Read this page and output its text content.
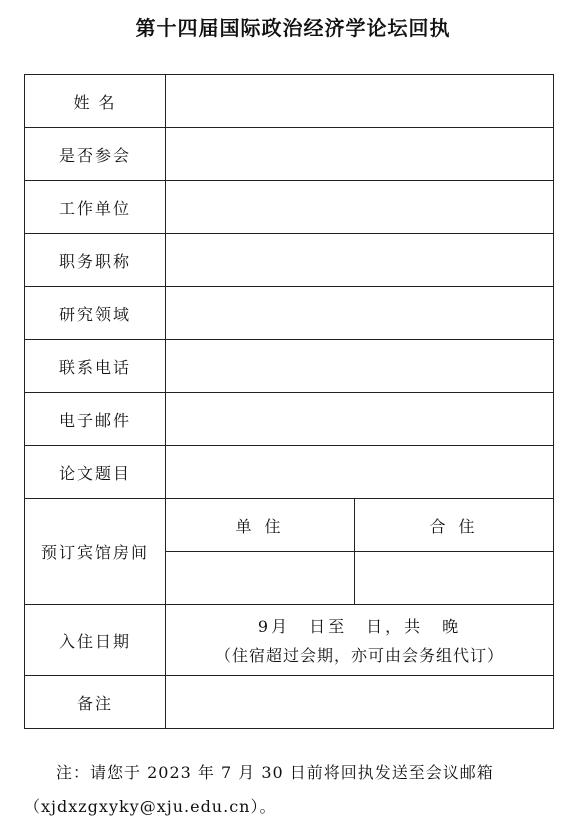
第十四届国际政治经济学论坛回执
姓 名		
是否参会		
工作单位		
职务职称		
研究领域		
联系电话		
电子邮件		
论文题目		
预订宾馆房间	单 住	合 住

入住日期	9月　日至　日，共　晚
（住宿超过会期，亦可由会务组代订）	

备注		
注：请您于 2023 年 7 月 30 日前将回执发送至会议邮箱（xjdxzgxyky@xju.edu.cn）。
